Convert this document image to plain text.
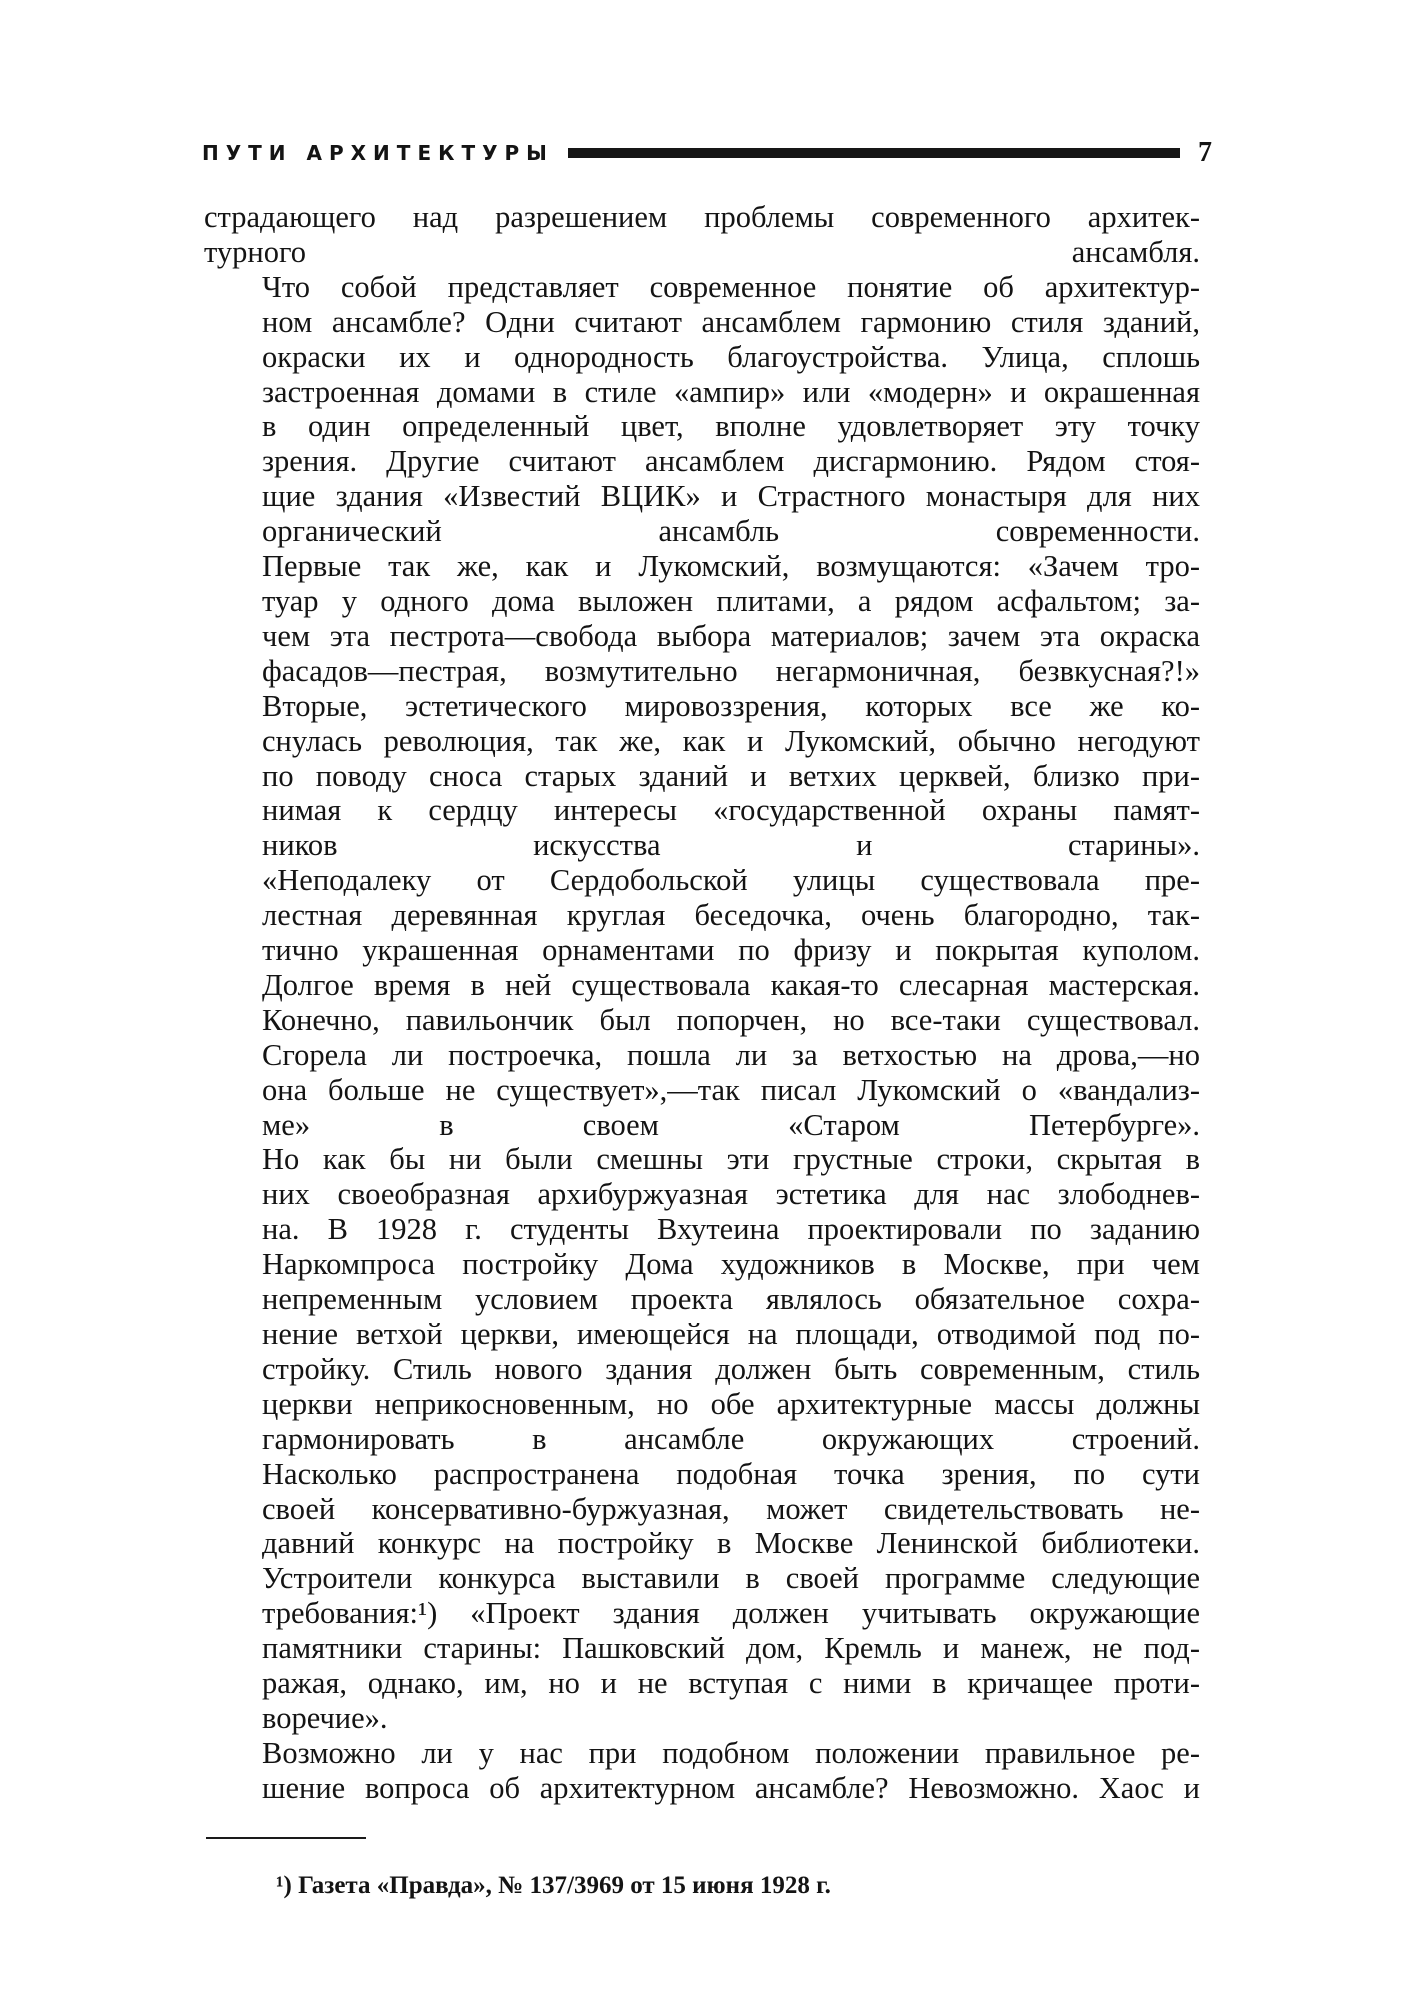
ПУТИ АРХИТЕКТУРЫ	7

страдающего над разрешением проблемы современного архитек-
турного ансамбля.

Что собой представляет современное понятие об архитектур-
ном ансамбле? Одни считают ансамблем гармонию стиля зданий,
окраски их и однородность благоустройства. Улица, сплошь
застроенная домами в стиле «ампир» или «модерн» и окрашенная
в один определенный цвет, вполне удовлетворяет эту точку
зрения. Другие считают ансамблем дисгармонию. Рядом стоя-
щие здания «Известий ВЦИК» и Страстного монастыря для них
органический ансамбль современности.

Первые так же, как и Лукомский, возмущаются: «Зачем тро-
туар у одного дома выложен плитами, а рядом асфальтом; за-
чем эта пестрота—свобода выбора материалов; зачем эта окраска
фасадов—пестрая, возмутительно негармоничная, безвкусная?!»

Вторые, эстетического мировоззрения, которых все же ко-
снулась революция, так же, как и Лукомский, обычно негодуют
по поводу сноса старых зданий и ветхих церквей, близко при-
нимая к сердцу интересы «государственной охраны памят-
ников искусства и старины».

«Неподалеку от Сердобольской улицы существовала пре-
лестная деревянная круглая беседочка, очень благородно, так-
тично украшенная орнаментами по фризу и покрытая куполом.
Долгое время в ней существовала какая-то слесарная мастерская.
Конечно, павильончик был попорчен, но все-таки существовал.
Сгорела ли построечка, пошла ли за ветхостью на дрова,—но
она больше не существует»,—так писал Лукомский о «вандализ-
ме» в своем «Старом Петербурге».

Но как бы ни были смешны эти грустные строки, скрытая в
них своеобразная архибуржуазная эстетика для нас злободнев-
на. В 1928 г. студенты Вхутеина проектировали по заданию
Наркомпроса постройку Дома художников в Москве, при чем
непременным условием проекта являлось обязательное сохра-
нение ветхой церкви, имеющейся на площади, отводимой под по-
стройку. Стиль нового здания должен быть современным, стиль
церкви неприкосновенным, но обе архитектурные массы должны
гармонировать в ансамбле окружающих строений.

Насколько распространена подобная точка зрения, по сути
своей консервативно-буржуазная, может свидетельствовать не-
давний конкурс на постройку в Москве Ленинской библиотеки.
Устроители конкурса выставили в своей программе следующие
требования:¹) «Проект здания должен учитывать окружающие
памятники старины: Пашковский дом, Кремль и манеж, не под-
ражая, однако, им, но и не вступая с ними в кричащее проти-
воречие».

Возможно ли у нас при подобном положении правильное ре-
шение вопроса об архитектурном ансамбле? Невозможно. Хаос и

¹) Газета «Правда», № 137/3969 от 15 июня 1928 г.
